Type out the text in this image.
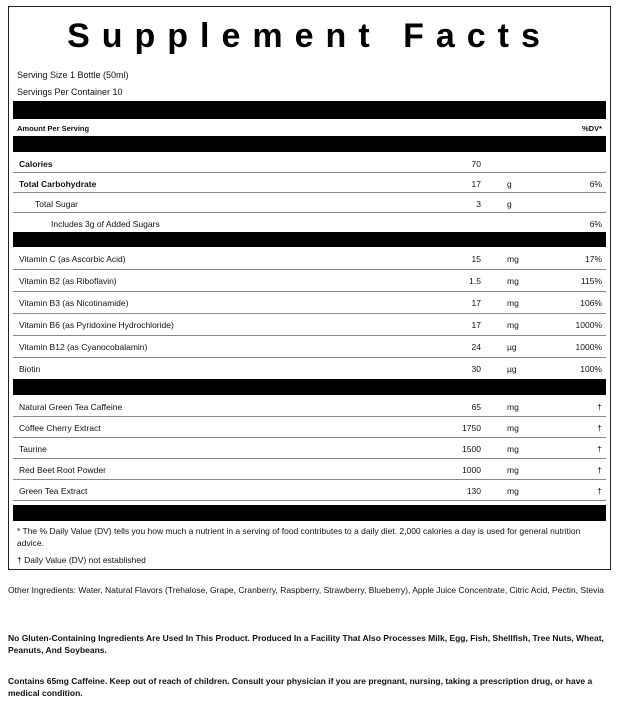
Supplement Facts
Serving Size 1 Bottle (50ml)
Servings Per Container 10
Amount Per Serving	%DV*
Calories	70
Total Carbohydrate	17	g	6%
Total Sugar	3	g
Includes 3g of Added Sugars	6%
Vitamin C (as Ascorbic Acid)	15	mg	17%
Vitamin B2 (as Riboflavin)	1.5	mg	115%
Vitamin B3 (as Nicotinamide)	17	mg	106%
Vitamin B6 (as Pyridoxine Hydrochloride)	17	mg	1000%
Vitamin B12 (as Cyanocobalamin)	24	µg	1000%
Biotin	30	µg	100%
Natural Green Tea Caffeine	65	mg	†
Coffee Cherry Extract	1750	mg	†
Taurine	1500	mg	†
Red Beet Root Powder	1000	mg	†
Green Tea Extract	130	mg	†
* The % Daily Value (DV) tells you how much a nutrient in a serving of food contributes to a daily diet. 2,000 calories a day is used for general nutrition advice.
† Daily Value (DV) not established
Other Ingredients: Water, Natural Flavors (Trehalose, Grape, Cranberry, Raspberry, Strawberry, Blueberry), Apple Juice Concentrate, Citric Acid, Pectin, Stevia
No Gluten-Containing Ingredients Are Used In This Product. Produced In a Facility That Also Processes Milk, Egg, Fish, Shellfish, Tree Nuts, Wheat, Peanuts, And Soybeans.
Contains 65mg Caffeine. Keep out of reach of children. Consult your physician if you are pregnant, nursing, taking a prescription drug, or have a medical condition.
